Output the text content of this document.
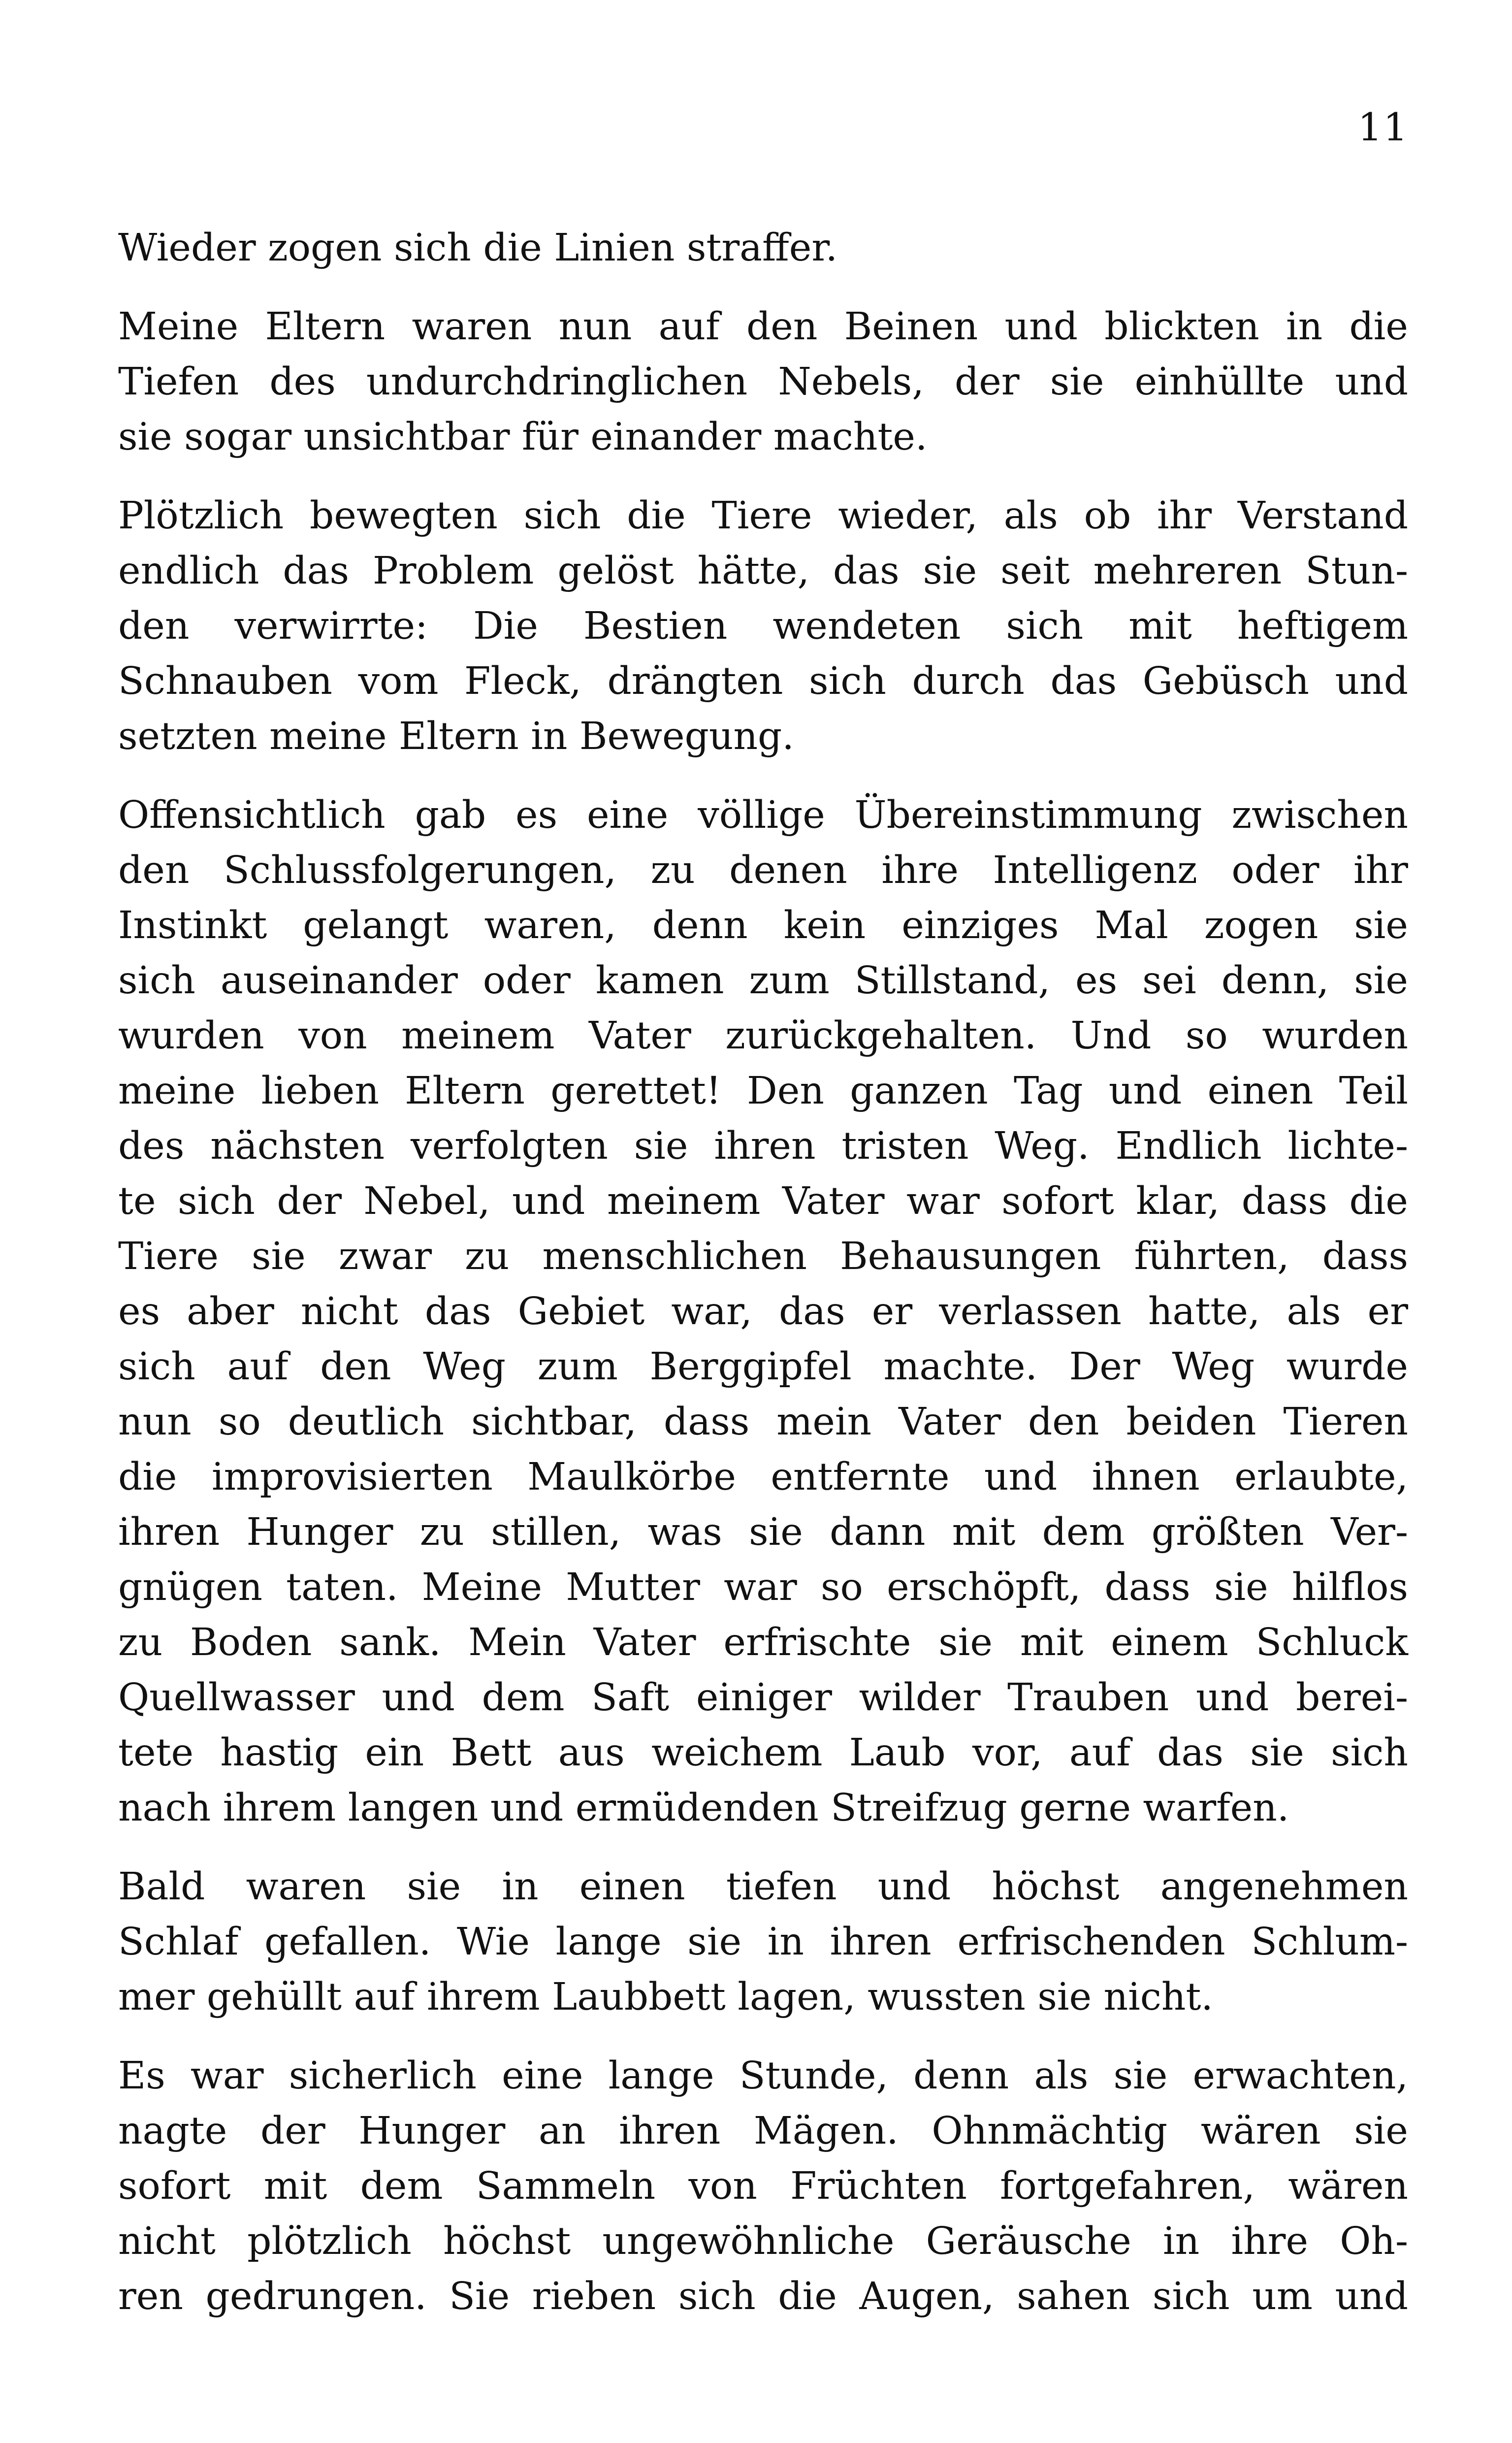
11

Wieder zogen sich die Linien straffer.

Meine Eltern waren nun auf den Beinen und blickten in die
Tiefen des undurchdringlichen Nebels, der sie einhüllte und
sie sogar unsichtbar für einander machte.

Plötzlich bewegten sich die Tiere wieder, als ob ihr Verstand
endlich das Problem gelöst hätte, das sie seit mehreren Stun-
den verwirrte: Die Bestien wendeten sich mit heftigem
Schnauben vom Fleck, drängten sich durch das Gebüsch und
setzten meine Eltern in Bewegung.

Offensichtlich gab es eine völlige Übereinstimmung zwischen
den Schlussfolgerungen, zu denen ihre Intelligenz oder ihr
Instinkt gelangt waren, denn kein einziges Mal zogen sie
sich auseinander oder kamen zum Stillstand, es sei denn, sie
wurden von meinem Vater zurückgehalten. Und so wurden
meine lieben Eltern gerettet! Den ganzen Tag und einen Teil
des nächsten verfolgten sie ihren tristen Weg. Endlich lichte-
te sich der Nebel, und meinem Vater war sofort klar, dass die
Tiere sie zwar zu menschlichen Behausungen führten, dass
es aber nicht das Gebiet war, das er verlassen hatte, als er
sich auf den Weg zum Berggipfel machte. Der Weg wurde
nun so deutlich sichtbar, dass mein Vater den beiden Tieren
die improvisierten Maulkörbe entfernte und ihnen erlaubte,
ihren Hunger zu stillen, was sie dann mit dem größten Ver-
gnügen taten. Meine Mutter war so erschöpft, dass sie hilflos
zu Boden sank. Mein Vater erfrischte sie mit einem Schluck
Quellwasser und dem Saft einiger wilder Trauben und berei-
tete hastig ein Bett aus weichem Laub vor, auf das sie sich
nach ihrem langen und ermüdenden Streifzug gerne warfen.

Bald waren sie in einen tiefen und höchst angenehmen
Schlaf gefallen. Wie lange sie in ihren erfrischenden Schlum-
mer gehüllt auf ihrem Laubbett lagen, wussten sie nicht.

Es war sicherlich eine lange Stunde, denn als sie erwachten,
nagte der Hunger an ihren Mägen. Ohnmächtig wären sie
sofort mit dem Sammeln von Früchten fortgefahren, wären
nicht plötzlich höchst ungewöhnliche Geräusche in ihre Oh-
ren gedrungen. Sie rieben sich die Augen, sahen sich um und
